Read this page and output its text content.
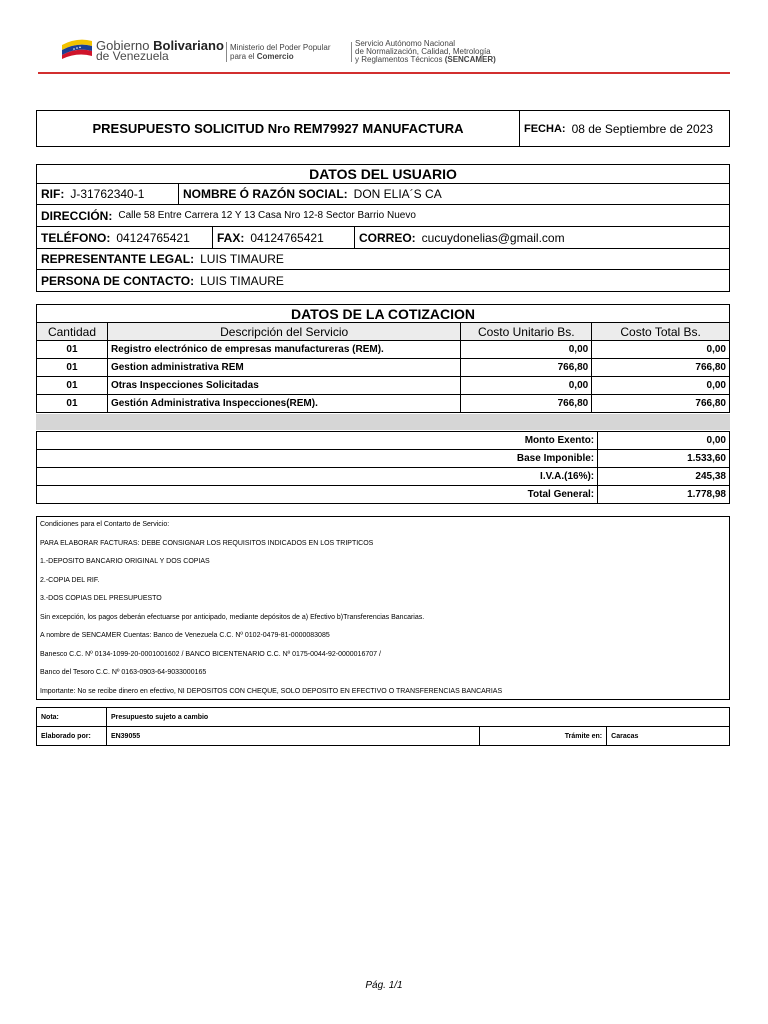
Gobierno Bolivariano
de Venezuela
Ministerio del Poder Popular
para el Comercio
Servicio Autónomo Nacional
de Normalización, Calidad, Metrología
y Reglamentos Técnicos (SENCAMER)
PRESUPUESTO SOLICITUD Nro REM79927 MANUFACTURA	FECHA: 08 de Septiembre de 2023
DATOS DEL USUARIO
RIF: J-31762340-1	NOMBRE Ó RAZÓN SOCIAL: DON ELIA´S CA
DIRECCIÓN: Calle 58 Entre Carrera 12 Y 13 Casa Nro 12-8 Sector Barrio Nuevo
TELÉFONO: 04124765421 FAX: 04124765421	CORREO: cucuydonelias@gmail.com
REPRESENTANTE LEGAL: LUIS TIMAURE
PERSONA DE CONTACTO: LUIS TIMAURE
DATOS DE LA COTIZACION
Cantidad	Descripción del Servicio	Costo Unitario Bs.	Costo Total Bs.
01	Registro electrónico de empresas manufactureras (REM).	0,00	0,00
01	Gestion administrativa REM	766,80	766,80
01	Otras Inspecciones Solicitadas	0,00	0,00
01	Gestión Administrativa Inspecciones(REM).	766,80	766,80
Monto Exento:	0,00
Base Imponible:	1.533,60
I.V.A.(16%):	245,38
Total General:	1.778,98
Condiciones para el Contarto de Servicio:
PARA ELABORAR FACTURAS: DEBE CONSIGNAR LOS REQUISITOS INDICADOS EN LOS TRIPTICOS
1.-DEPOSITO BANCARIO ORIGINAL Y DOS COPIAS
2.-COPIA DEL RIF.
3.-DOS COPIAS DEL PRESUPUESTO
Sin excepción, los pagos deberán efectuarse por anticipado, mediante depósitos de a) Efectivo b)Transferencias Bancarias.
A nombre de SENCAMER Cuentas: Banco de Venezuela C.C. Nº 0102-0479-81-0000083085
Banesco C.C. Nº 0134-1099-20-0001001602 / BANCO BICENTENARIO C.C. Nº 0175-0044-92-0000016707 /
Banco del Tesoro C.C. Nº 0163-0903-64-9033000165
Importante: No se recibe dinero en efectivo, NI DEPOSITOS CON CHEQUE, SOLO DEPOSITO EN EFECTIVO O TRANSFERENCIAS BANCARIAS
Nota:	Presupuesto sujeto a cambio		
Elaborado por:	EN39055	Trámite en:	Caracas
Pág. 1/1
